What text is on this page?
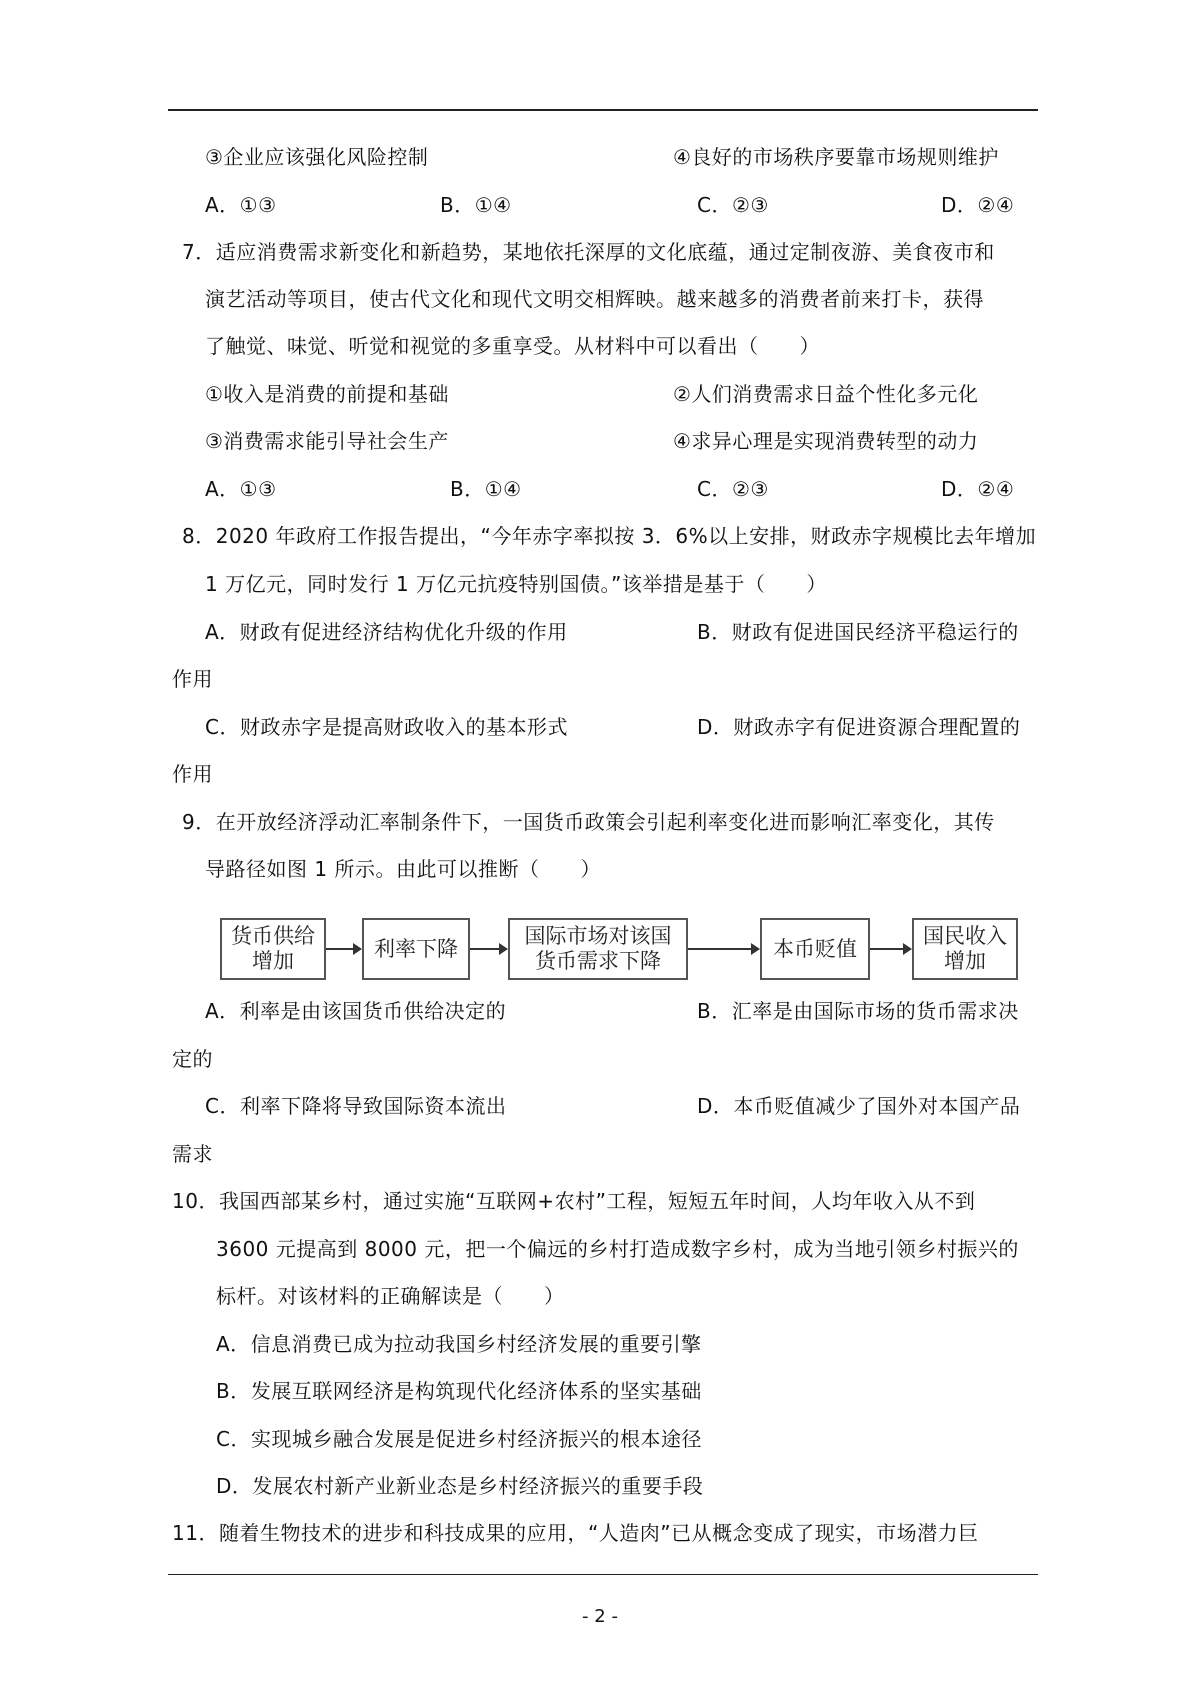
③企业应该强化风险控制	④良好的市场秩序要靠市场规则维护
A．①③	B．①④	C．②③	D．②④
7．适应消费需求新变化和新趋势，某地依托深厚的文化底蕴，通过定制夜游、美食夜市和
演艺活动等项目，使古代文化和现代文明交相辉映。越来越多的消费者前来打卡，获得
了触觉、味觉、听觉和视觉的多重享受。从材料中可以看出（　　）
①收入是消费的前提和基础	②人们消费需求日益个性化多元化
③消费需求能引导社会生产	④求异心理是实现消费转型的动力
A．①③	B．①④	C．②③	D．②④
8．2020 年政府工作报告提出，“今年赤字率拟按 3．6%以上安排，财政赤字规模比去年增加
1 万亿元，同时发行 1 万亿元抗疫特别国债。”该举措是基于（　　）
A．财政有促进经济结构优化升级的作用	B．财政有促进国民经济平稳运行的
作用
C．财政赤字是提高财政收入的基本形式	D．财政赤字有促进资源合理配置的
作用
9．在开放经济浮动汇率制条件下，一国货币政策会引起利率变化进而影响汇率变化，其传
导路径如图 1 所示。由此可以推断（　　）
A．利率是由该国货币供给决定的	B．汇率是由国际市场的货币需求决
定的
C．利率下降将导致国际资本流出	D．本币贬值减少了国外对本国产品
需求
10．我国西部某乡村，通过实施“互联网+农村”工程，短短五年时间，人均年收入从不到
3600 元提高到 8000 元，把一个偏远的乡村打造成数字乡村，成为当地引领乡村振兴的
标杆。对该材料的正确解读是（　　）
A．信息消费已成为拉动我国乡村经济发展的重要引擎
B．发展互联网经济是构筑现代化经济体系的坚实基础
C．实现城乡融合发展是促进乡村经济振兴的根本途径
D．发展农村新产业新业态是乡村经济振兴的重要手段
11．随着生物技术的进步和科技成果的应用，“人造肉”已从概念变成了现实，市场潜力巨
货币供给
增加
利率下降
国际市场对该国
货币需求下降
本币贬值
国民收入
增加
- 2 -
